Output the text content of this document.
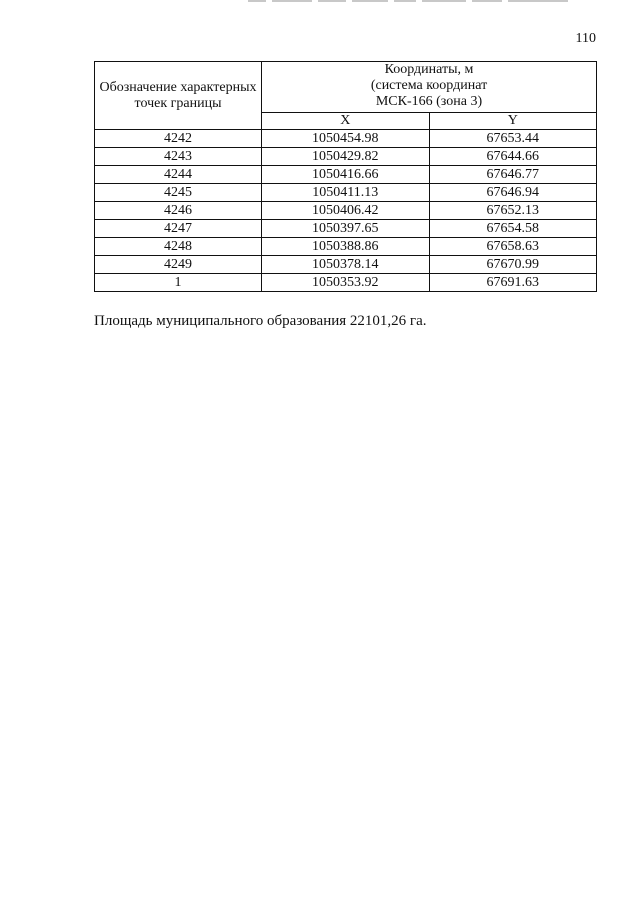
110
Обозначение характерных точек границы	Координаты, м
(система координат
МСК-166 (зона 3)	

	X	Y
4242	1050454.98	67653.44
4243	1050429.82	67644.66
4244	1050416.66	67646.77
4245	1050411.13	67646.94
4246	1050406.42	67652.13
4247	1050397.65	67654.58
4248	1050388.86	67658.63
4249	1050378.14	67670.99
1	1050353.92	67691.63
Площадь муниципального образования 22101,26 га.
